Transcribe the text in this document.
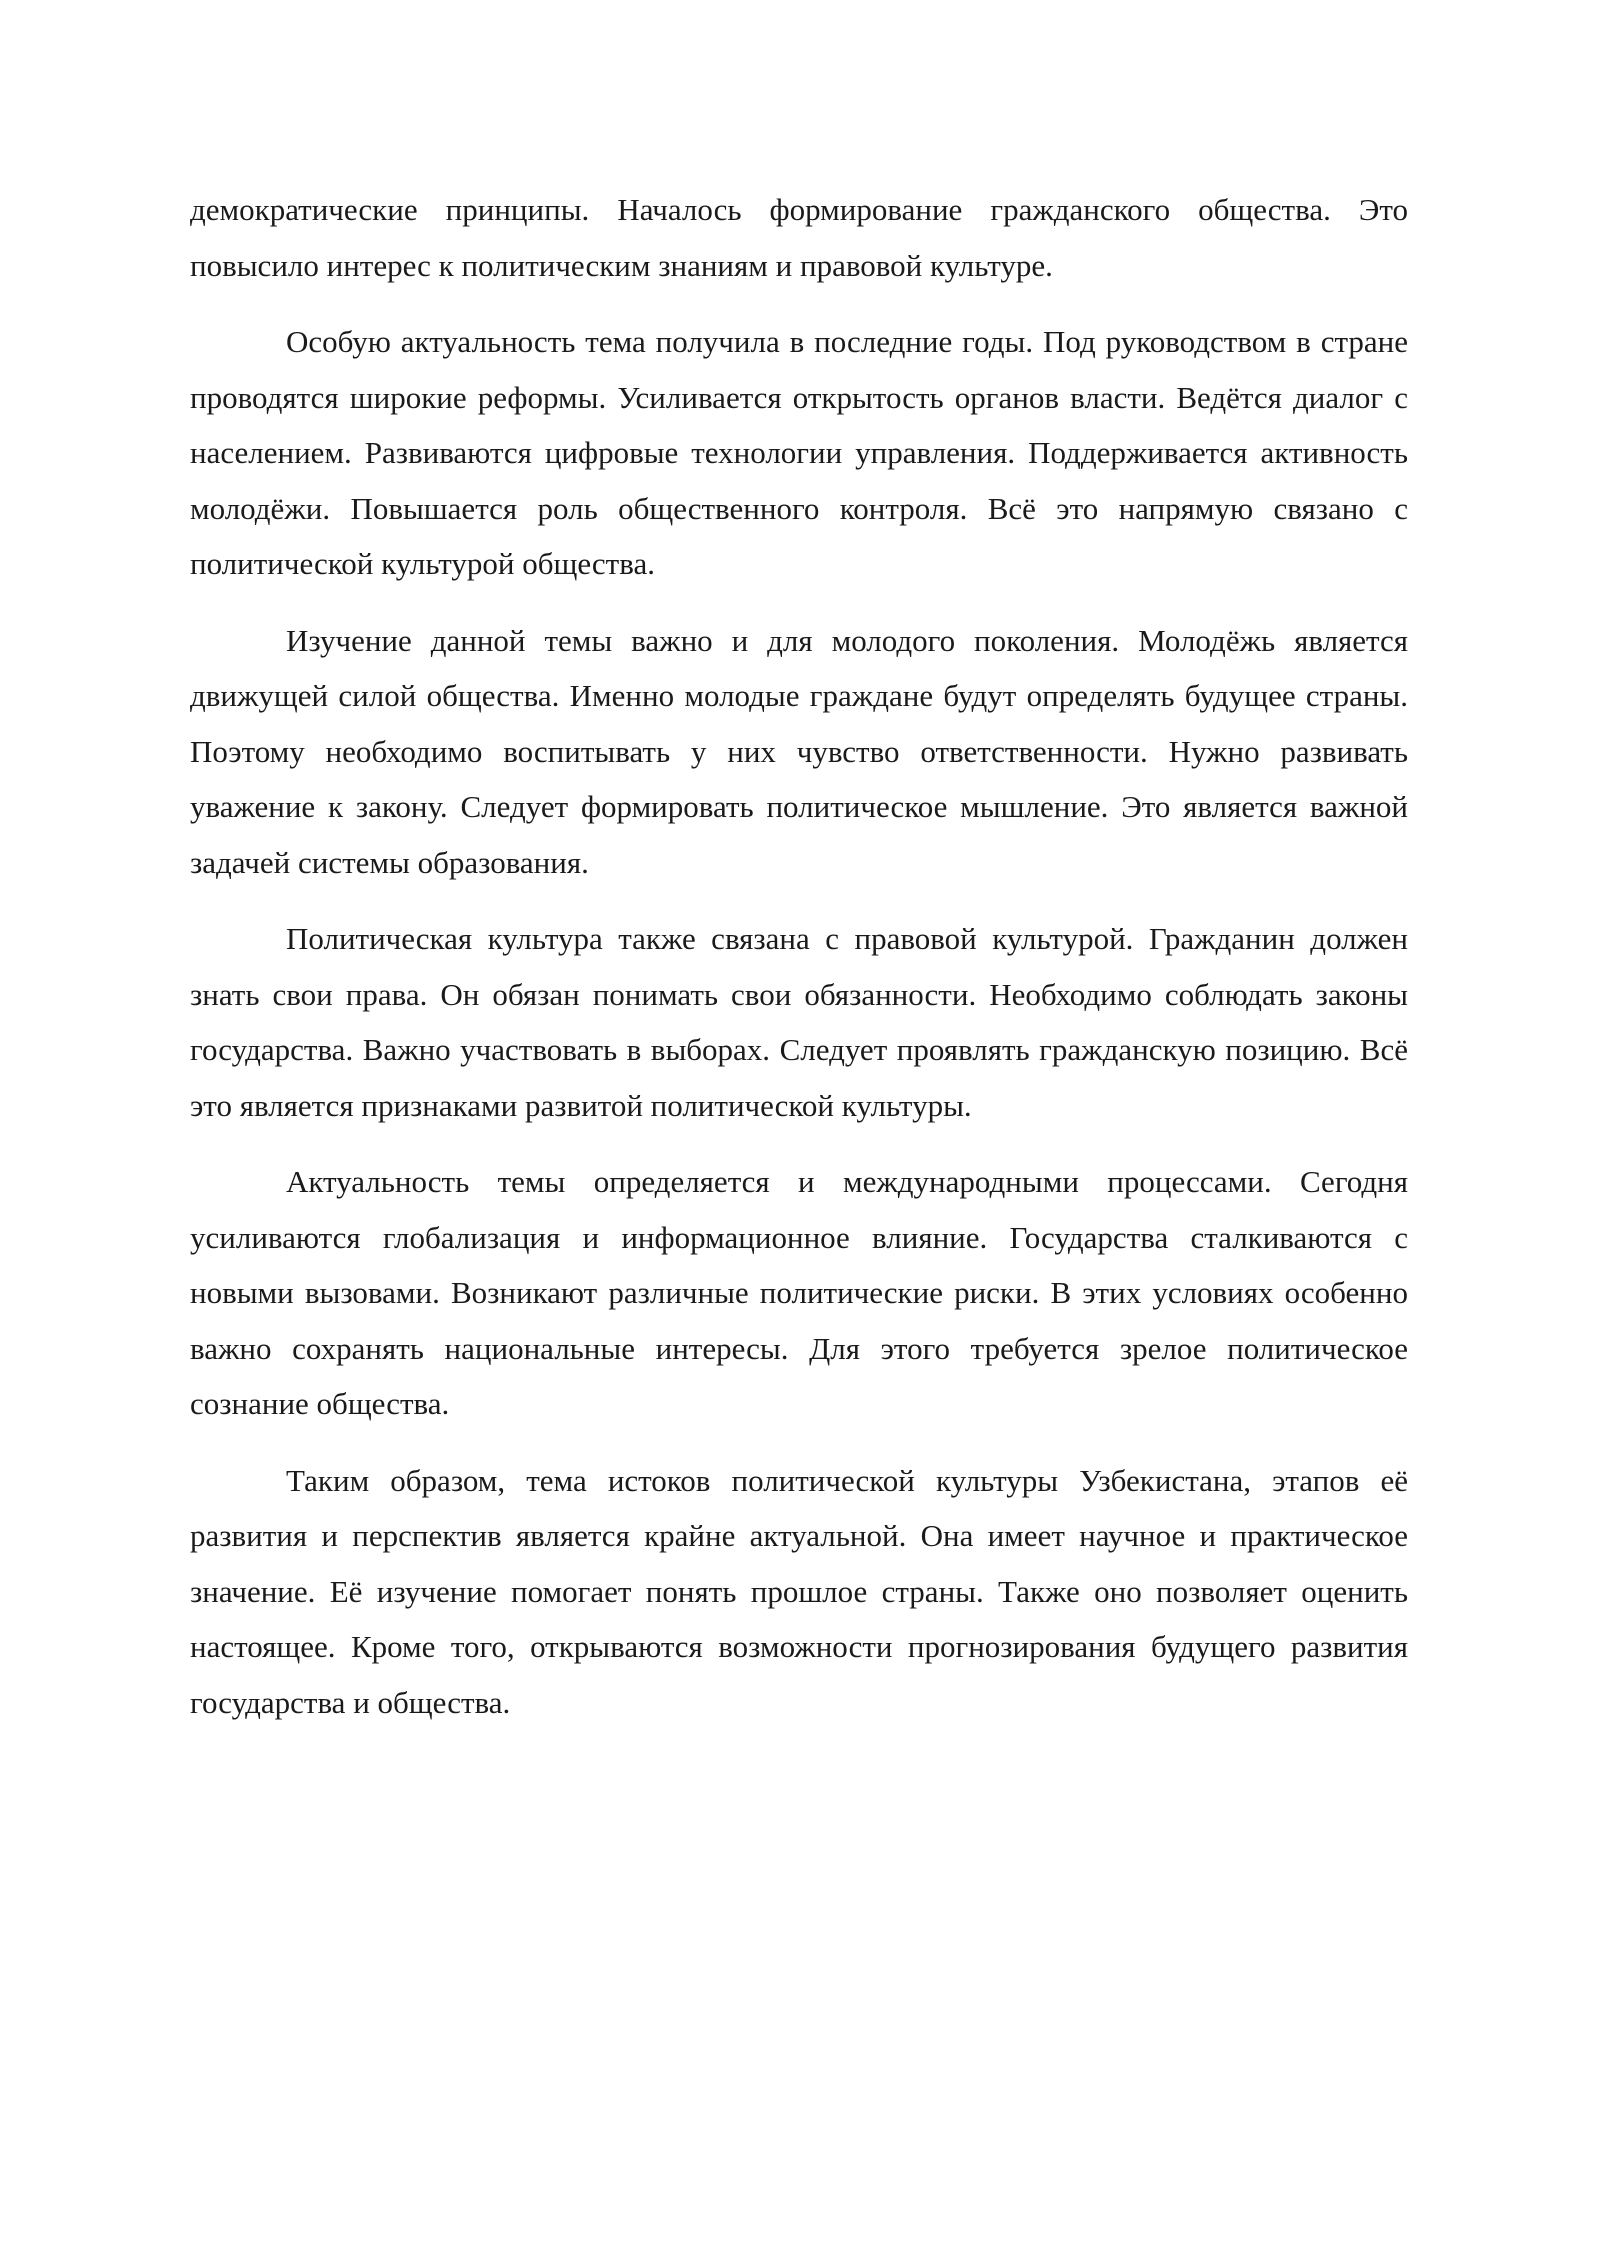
демократические принципы. Началось формирование гражданского общества. Это повысило интерес к политическим знаниям и правовой культуре.

Особую актуальность тема получила в последние годы. Под руководством в стране проводятся широкие реформы. Усиливается открытость органов власти. Ведётся диалог с населением. Развиваются цифровые технологии управления. Поддерживается активность молодёжи. Повышается роль общественного контроля. Всё это напрямую связано с политической культурой общества.

Изучение данной темы важно и для молодого поколения. Молодёжь является движущей силой общества. Именно молодые граждане будут определять будущее страны. Поэтому необходимо воспитывать у них чувство ответственности. Нужно развивать уважение к закону. Следует формировать политическое мышление. Это является важной задачей системы образования.

Политическая культура также связана с правовой культурой. Гражданин должен знать свои права. Он обязан понимать свои обязанности. Необходимо соблюдать законы государства. Важно участвовать в выборах. Следует проявлять гражданскую позицию. Всё это является признаками развитой политической культуры.

Актуальность темы определяется и международными процессами. Сегодня усиливаются глобализация и информационное влияние. Государства сталкиваются с новыми вызовами. Возникают различные политические риски. В этих условиях особенно важно сохранять национальные интересы. Для этого требуется зрелое политическое сознание общества.

Таким образом, тема истоков политической культуры Узбекистана, этапов её развития и перспектив является крайне актуальной. Она имеет научное и практическое значение. Её изучение помогает понять прошлое страны. Также оно позволяет оценить настоящее. Кроме того, открываются возможности прогнозирования будущего развития государства и общества.
